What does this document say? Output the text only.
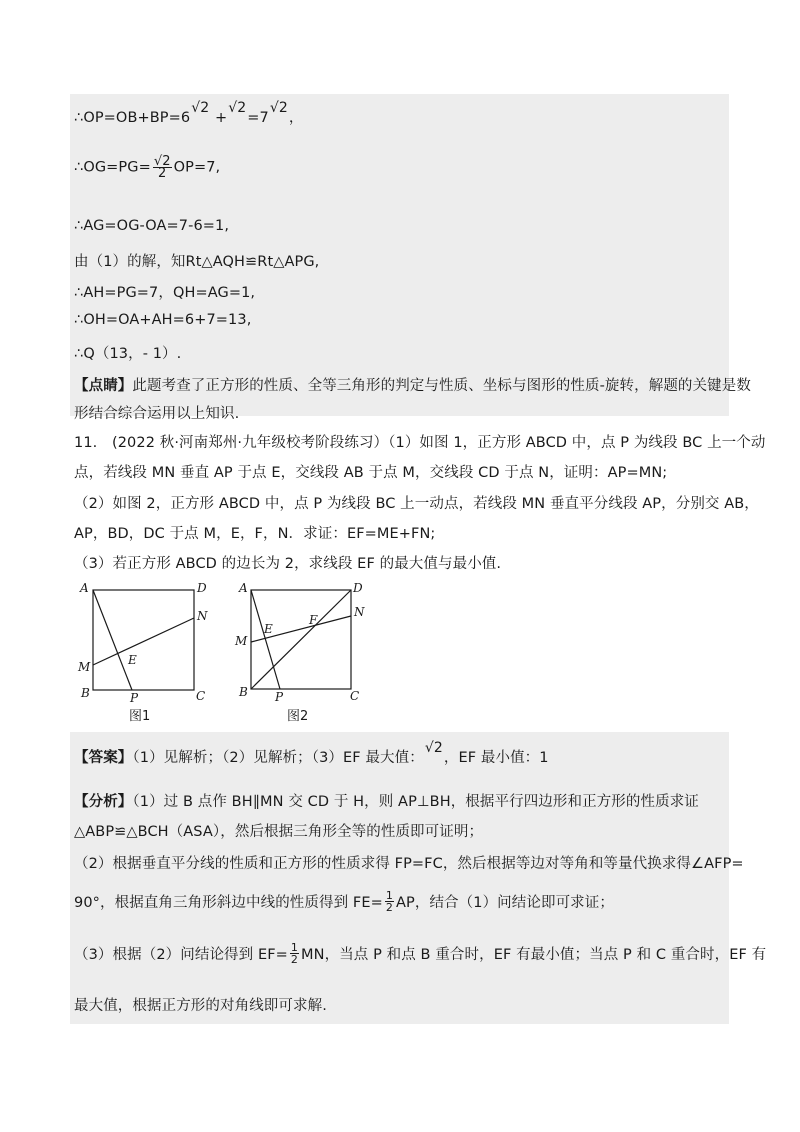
∴OP=OB+BP=6√2 +√2=7√2，
∴OG=PG= $\frac{√2}{2} OP=7$,
∴AG=OG-OA=7-6=1,
由（1）的解，知Rt△AQH≌Rt△APG,
∴AH=PG=7，QH=AG=1,
∴OH=OA+AH=6+7=13,
∴Q（13，- 1）.
【点睛】此题考查了正方形的性质、全等三角形的判定与性质、坐标与图形的性质-旋转，解题的关键是数
形结合综合运用以上知识.
11.　(2022 秋·河南郑州·九年级校考阶段练习）（1）如图 1，正方形 ABCD 中，点 P 为线段 BC 上一个动
点，若线段 MN 垂直 AP 于点 E，交线段 AB 于点 M，交线段 CD 于点 N，证明：AP=MN;
（2）如图 2，正方形 ABCD 中，点 P 为线段 BC 上一动点，若线段 MN 垂直平分线段 AP，分别交 AB，
AP，BD，DC 于点 M，E，F，N．求证：EF=ME+FN;
（3）若正方形 ABCD 的边长为 2，求线段 EF 的最大值与最小值.
A	D
N
E
M
B	P	C
图1
A	D
N
F
E
M
B P	C
图2
【答案】（1）见解析；（2）见解析；（3）EF 最大值：√2，EF 最小值：1
【分析】（1）过 B 点作 BH∥MN 交 CD 于 H，则 AP⊥BH，根据平行四边形和正方形的性质求证
△ABP≌△BCH（ASA），然后根据三角形全等的性质即可证明；
（2）根据垂直平分线的性质和正方形的性质求得 FP=FC，然后根据等边对等角和等量代换求得∠AFP=
90°，根据直角三角形斜边中线的性质得到 $FE= \frac{1}{2}$ AP，结合（1）问结论即可求证；
（3）根据（2）问结论得到 $EF= \frac{1}{2}$ MN，当点 P 和点 B 重合时，EF 有最小值；当点 P 和 C 重合时，EF 有
最大值，根据正方形的对角线即可求解.
